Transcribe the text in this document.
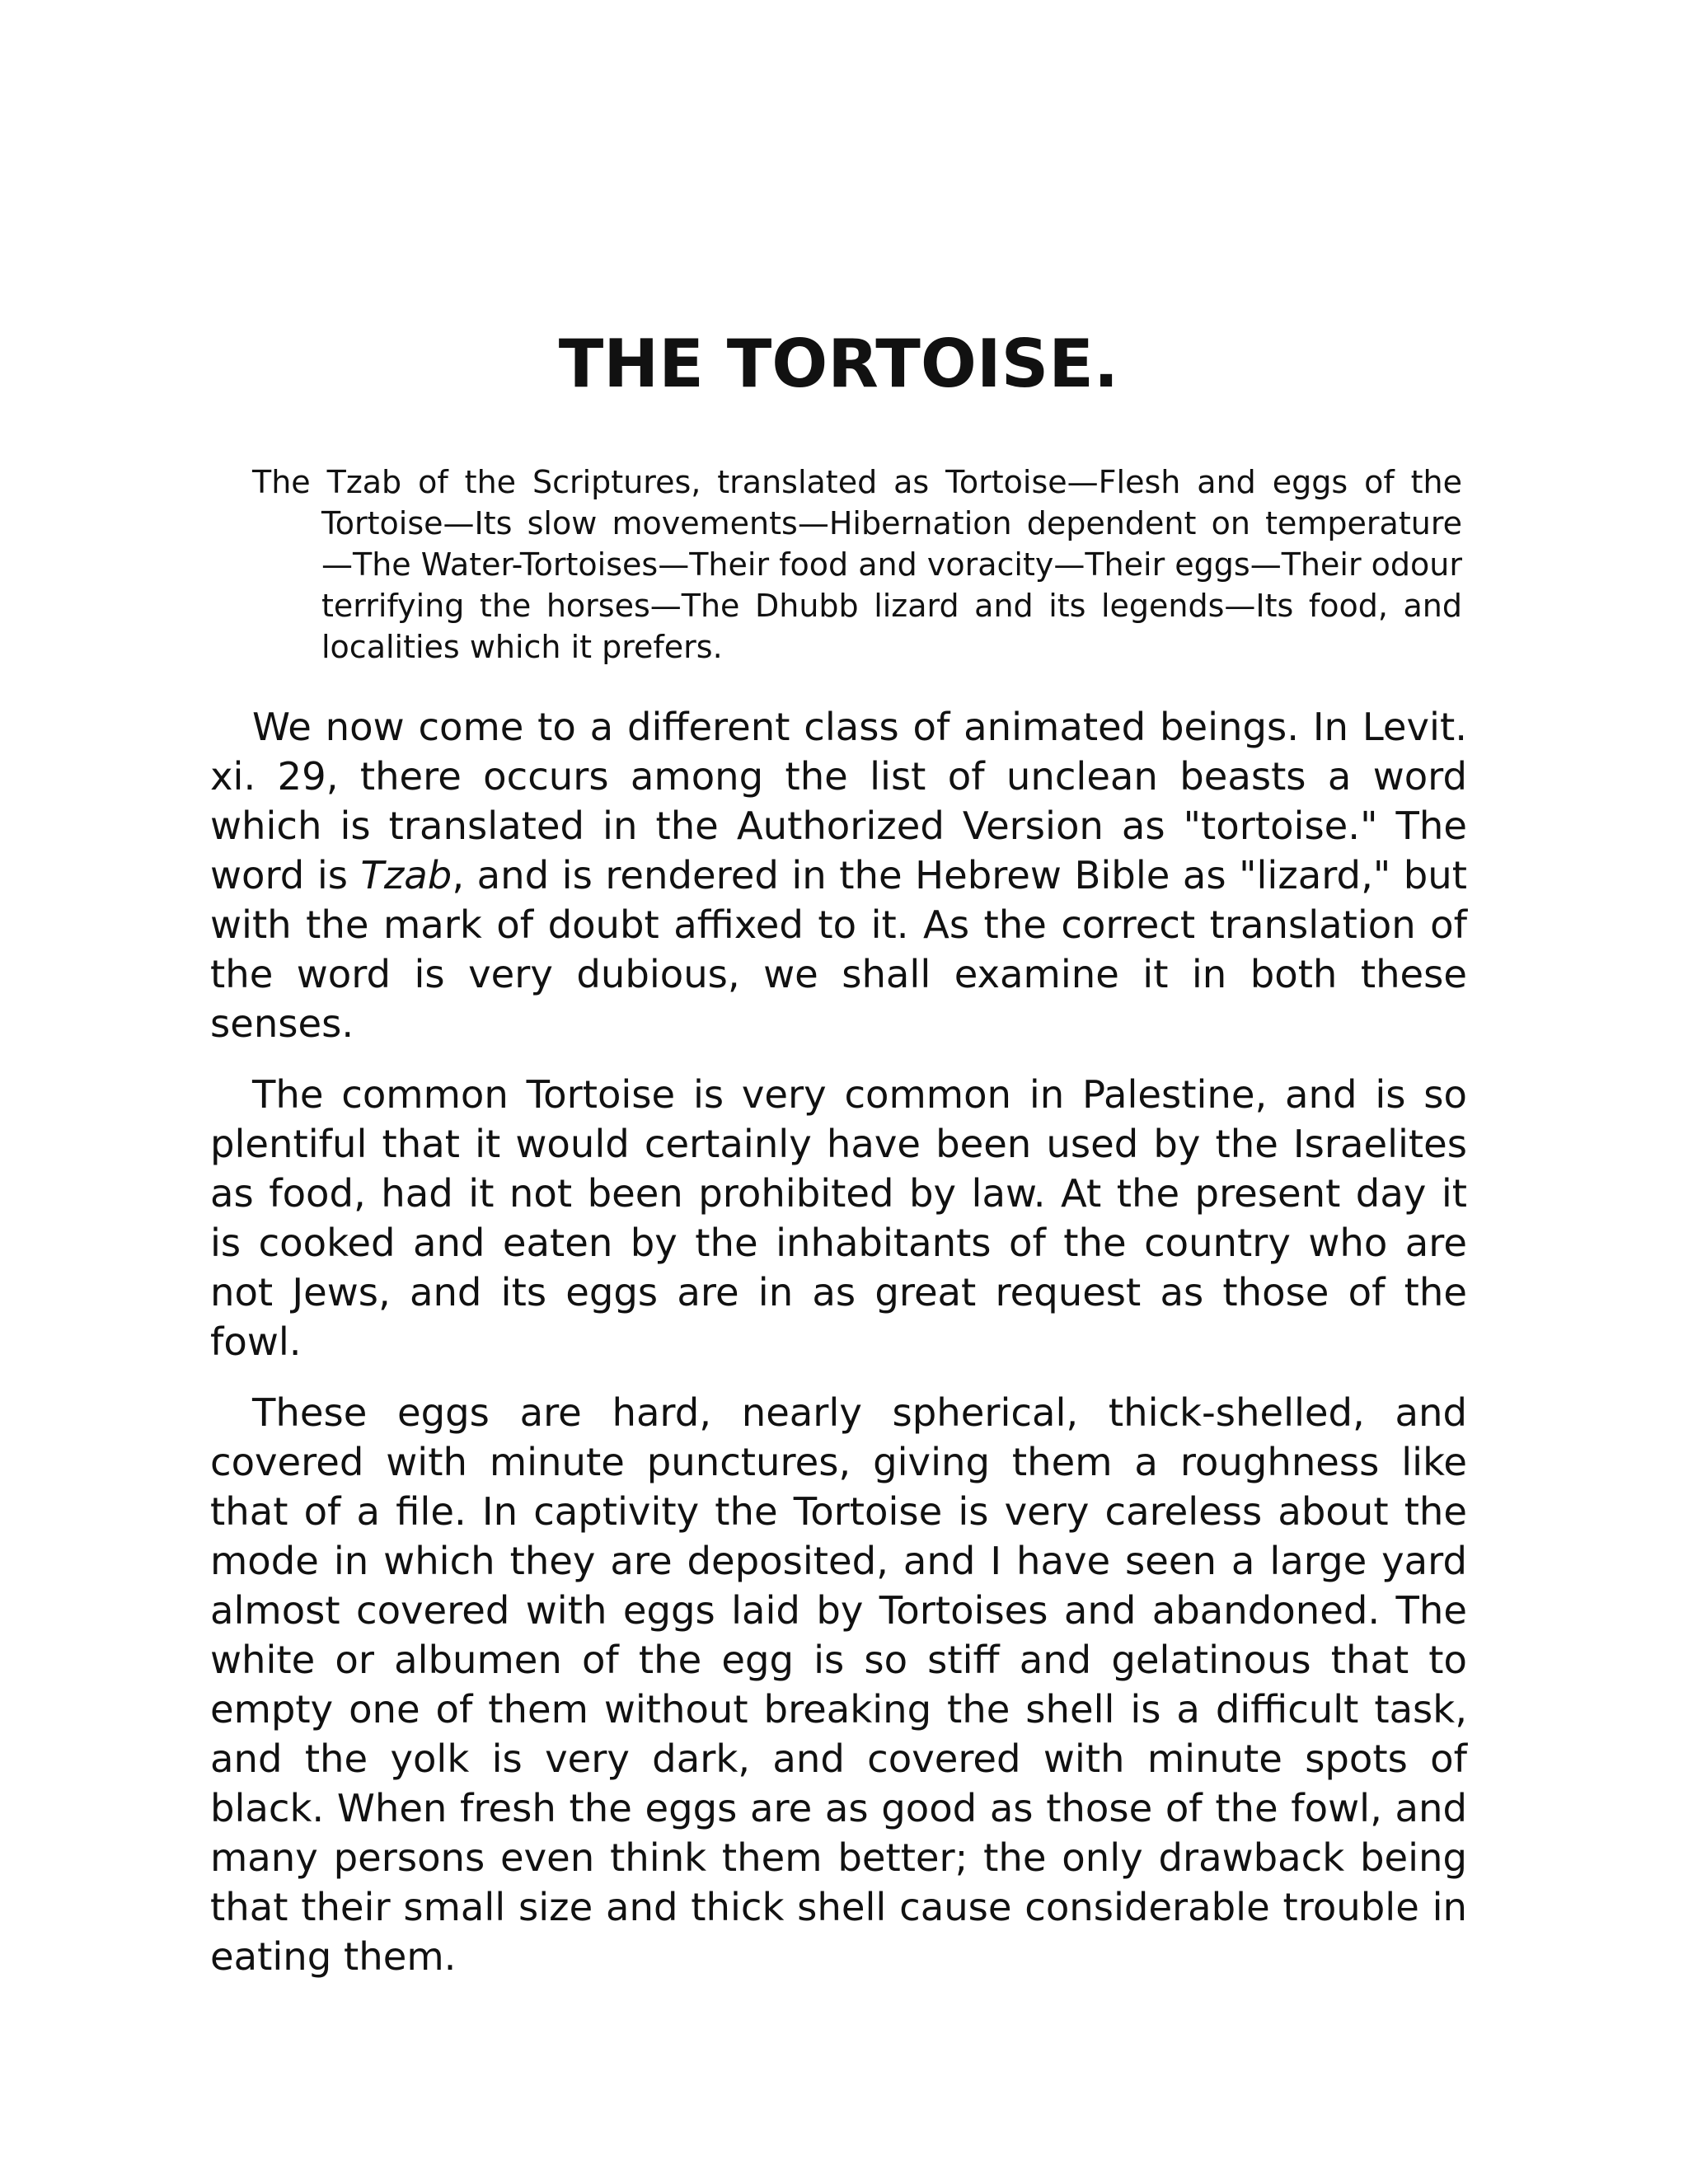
THE TORTOISE.

The Tzab of the Scriptures, translated as Tortoise—Flesh and eggs of the Tortoise—Its slow movements—Hibernation dependent on temperature—The Water-Tortoises—Their food and voracity—Their eggs—Their odour terrifying the horses—The Dhubb lizard and its legends—Its food, and localities which it prefers.

We now come to a different class of animated beings. In Levit. xi. 29, there occurs among the list of unclean beasts a word which is translated in the Authorized Version as "tortoise." The word is Tzab, and is rendered in the Hebrew Bible as "lizard," but with the mark of doubt affixed to it. As the correct translation of the word is very dubious, we shall examine it in both these senses.

The common Tortoise is very common in Palestine, and is so plentiful that it would certainly have been used by the Israelites as food, had it not been prohibited by law. At the present day it is cooked and eaten by the inhabitants of the country who are not Jews, and its eggs are in as great request as those of the fowl.

These eggs are hard, nearly spherical, thick-shelled, and covered with minute punctures, giving them a roughness like that of a file. In captivity the Tortoise is very careless about the mode in which they are deposited, and I have seen a large yard almost covered with eggs laid by Tortoises and abandoned. The white or albumen of the egg is so stiff and gelatinous that to empty one of them without breaking the shell is a difficult task, and the yolk is very dark, and covered with minute spots of black. When fresh the eggs are as good as those of the fowl, and many persons even think them better; the only drawback being that their small size and thick shell cause considerable trouble in eating them.
